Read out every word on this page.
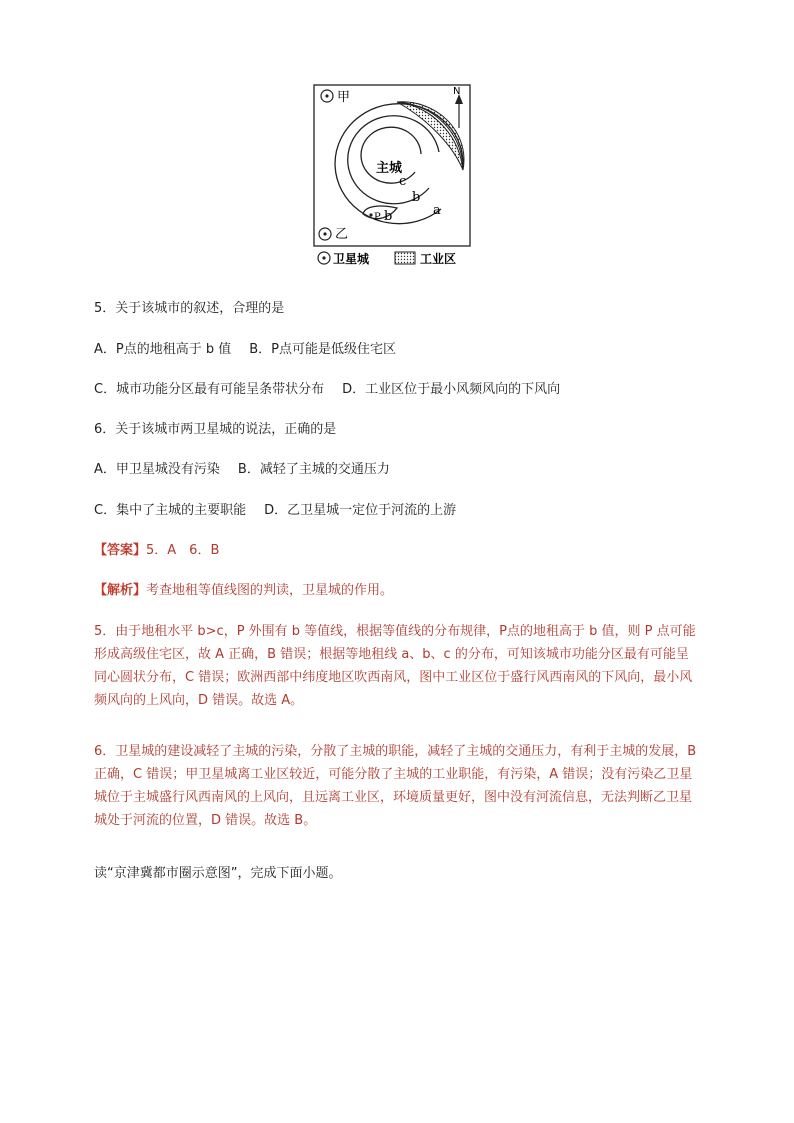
甲
乙
主城
N
c
b
a
P b
卫星城	工业区
5．关于该城市的叙述，合理的是
A．P点的地租高于 b 值 B．P点可能是低级住宅区
C．城市功能分区最有可能呈条带状分布 D．工业区位于最小风频风向的下风向
6．关于该城市两卫星城的说法，正确的是
A．甲卫星城没有污染 B．减轻了主城的交通压力
C．集中了主城的主要职能 D．乙卫星城一定位于河流的上游
【答案】5．A　6．B
【解析】考查地租等值线图的判读，卫星城的作用。
5．由于地租水平 b>c，P 外围有 b 等值线，根据等值线的分布规律，P点的地租高于 b 值，则 P 点可能形成高级住宅区，故 A 正确，B 错误；根据等地租线 a、b、c 的分布，可知该城市功能分区最有可能呈同心圆状分布，C 错误；欧洲西部中纬度地区吹西南风，图中工业区位于盛行风西南风的下风向，最小风频风向的上风向，D 错误。故选 A。
6．卫星城的建设减轻了主城的污染，分散了主城的职能，减轻了主城的交通压力，有利于主城的发展，B 正确，C 错误；甲卫星城离工业区较近，可能分散了主城的工业职能，有污染，A 错误；没有污染乙卫星城位于主城盛行风西南风的上风向，且远离工业区，环境质量更好，图中没有河流信息，无法判断乙卫星城处于河流的位置，D 错误。故选 B。
读“京津冀都市圈示意图”，完成下面小题。
